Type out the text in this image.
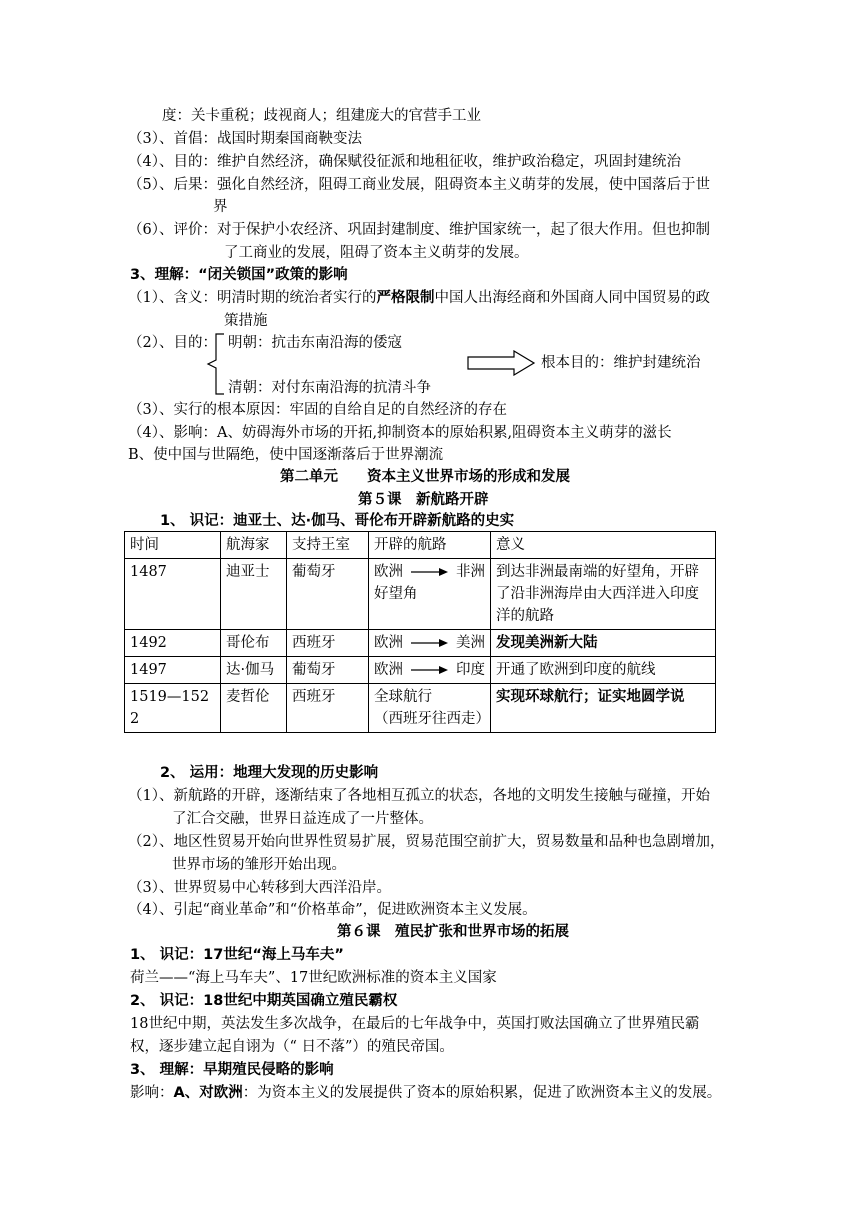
度：关卡重税；歧视商人；组建庞大的官营手工业
（3）、首倡：战国时期秦国商鞅变法
（4）、目的：维护自然经济，确保赋役征派和地租征收，维护政治稳定，巩固封建统治
（5）、后果：强化自然经济，阻碍工商业发展，阻碍资本主义萌芽的发展，使中国落后于世
界
（6）、评价：对于保护小农经济、巩固封建制度、维护国家统一，起了很大作用。但也抑制
了工商业的发展，阻碍了资本主义萌芽的发展。
3、理解：“闭关锁国”政策的影响
（1）、含义：明清时期的统治者实行的严格限制中国人出海经商和外国商人同中国贸易的政
策措施
（2）、目的： 明朝：抗击东南沿海的倭寇
清朝：对付东南沿海的抗清斗争
根本目的：维护封建统治
（3）、实行的根本原因：牢固的自给自足的自然经济的存在
（4）、影响：A、妨碍海外市场的开拓,抑制资本的原始积累,阻碍资本主义萌芽的滋长
B、使中国与世隔绝，使中国逐渐落后于世界潮流
第二单元　　资本主义世界市场的形成和发展
第５课　新航路开辟
1、 识记：迪亚士、达·伽马、哥伦布开辟新航路的史实
时间	航海家	支持王室	开辟的航路	意义
1487	迪亚士	葡萄牙	欧洲 非洲
好望角	到达非洲最南端的好望角，开辟了沿非洲海岸由大西洋进入印度洋的航路
1492	哥伦布	西班牙	欧洲 美洲	发现美洲新大陆
1497	达·伽马	葡萄牙	欧洲 印度	开通了欧洲到印度的航线
1519—1522	麦哲伦	西班牙	全球航行
（西班牙往西走）	实现环球航行；证实地圆学说
2、 运用：地理大发现的历史影响
（1）、新航路的开辟，逐渐结束了各地相互孤立的状态，各地的文明发生接触与碰撞，开始
了汇合交融，世界日益连成了一片整体。
（2）、地区性贸易开始向世界性贸易扩展，贸易范围空前扩大，贸易数量和品种也急剧增加，
世界市场的雏形开始出现。
（3）、世界贸易中心转移到大西洋沿岸。
（4）、引起“商业革命”和“价格革命”，促进欧洲资本主义发展。
第６课　殖民扩张和世界市场的拓展
1、 识记：17世纪“海上马车夫”
荷兰——“海上马车夫”、17世纪欧洲标准的资本主义国家
2、 识记：18世纪中期英国确立殖民霸权
18世纪中期，英法发生多次战争，在最后的七年战争中，英国打败法国确立了世界殖民霸
权，逐步建立起自诩为（“ 日不落”）的殖民帝国。
3、 理解：早期殖民侵略的影响
影响：A、对欧洲：为资本主义的发展提供了资本的原始积累，促进了欧洲资本主义的发展。
